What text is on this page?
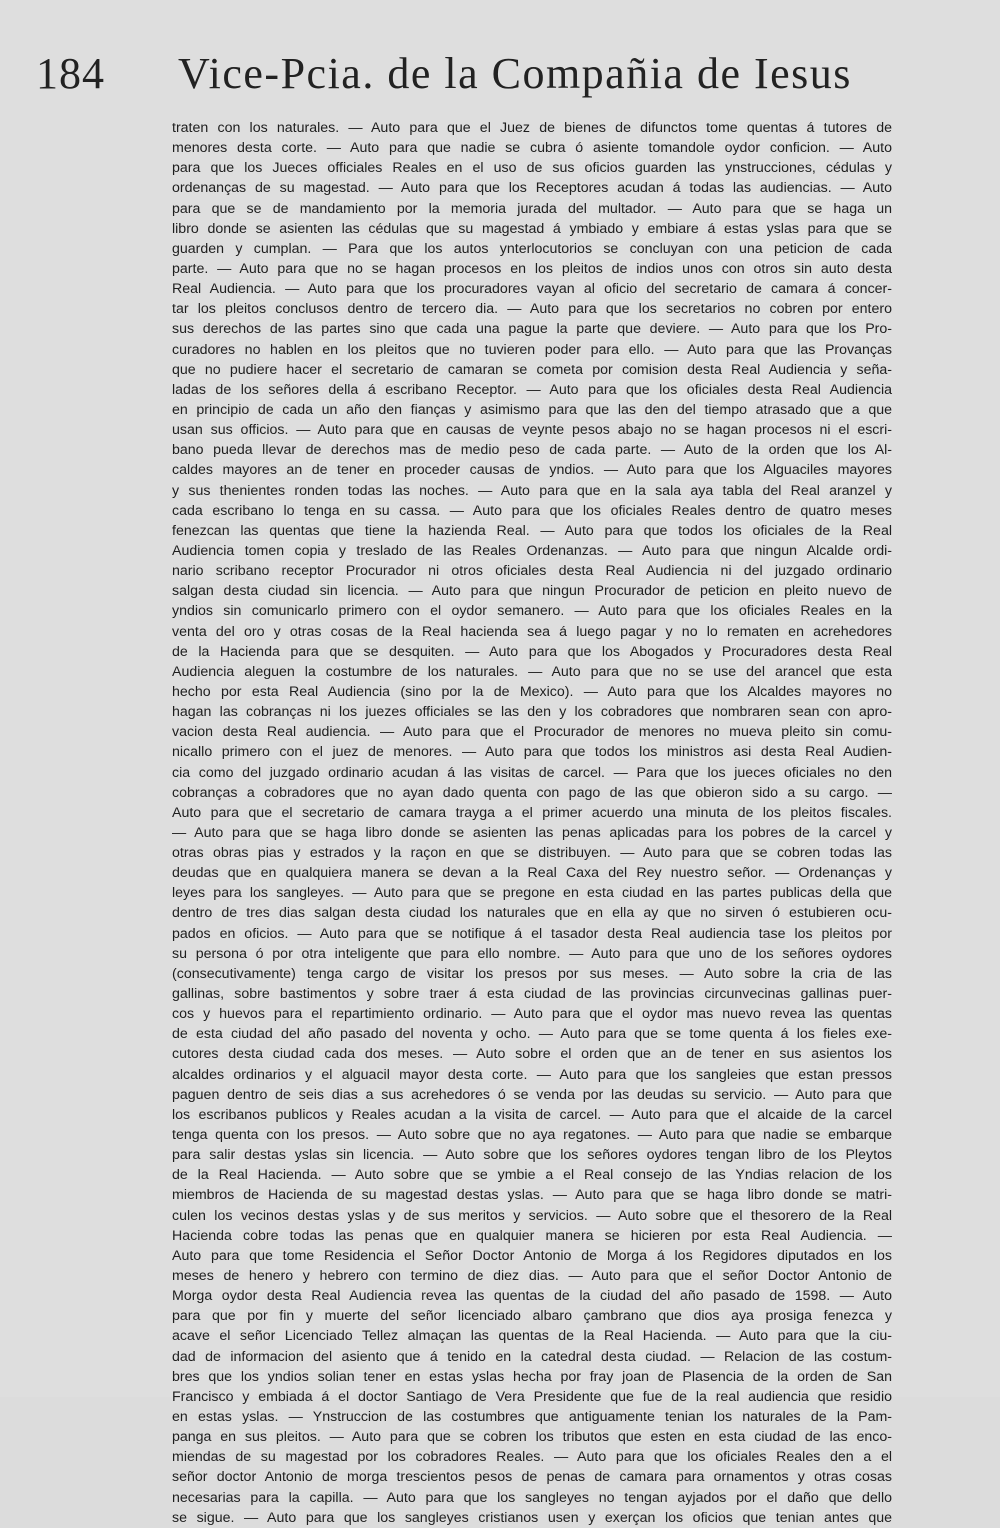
184 Vice-Pcia. de la Compañia de Iesus
traten con los naturales. — Auto para que el Juez de bienes de difunctos tome quentas á tutores de
menores desta corte. — Auto para que nadie se cubra ó asiente tomandole oydor conficion. — Auto
para que los Jueces officiales Reales en el uso de sus oficios guarden las ynstrucciones, cédulas y
ordenanças de su magestad. — Auto para que los Receptores acudan á todas las audiencias. — Auto
para que se de mandamiento por la memoria jurada del multador. — Auto para que se haga un
libro donde se asienten las cédulas que su magestad á ymbiado y embiare á estas yslas para que se
guarden y cumplan. — Para que los autos ynterlocutorios se concluyan con una peticion de cada
parte. — Auto para que no se hagan procesos en los pleitos de indios unos con otros sin auto desta
Real Audiencia. — Auto para que los procuradores vayan al oficio del secretario de camara á concer-
tar los pleitos conclusos dentro de tercero dia. — Auto para que los secretarios no cobren por entero
sus derechos de las partes sino que cada una pague la parte que deviere. — Auto para que los Pro-
curadores no hablen en los pleitos que no tuvieren poder para ello. — Auto para que las Provanças
que no pudiere hacer el secretario de camaran se cometa por comision desta Real Audiencia y seña-
ladas de los señores della á escribano Receptor. — Auto para que los oficiales desta Real Audiencia
en principio de cada un año den fianças y asimismo para que las den del tiempo atrasado que a que
usan sus officios. — Auto para que en causas de veynte pesos abajo no se hagan procesos ni el escri-
bano pueda llevar de derechos mas de medio peso de cada parte. — Auto de la orden que los Al-
caldes mayores an de tener en proceder causas de yndios. — Auto para que los Alguaciles mayores
y sus thenientes ronden todas las noches. — Auto para que en la sala aya tabla del Real aranzel y
cada escribano lo tenga en su cassa. — Auto para que los oficiales Reales dentro de quatro meses
fenezcan las quentas que tiene la hazienda Real. — Auto para que todos los oficiales de la Real
Audiencia tomen copia y treslado de las Reales Ordenanzas. — Auto para que ningun Alcalde ordi-
nario scribano receptor Procurador ni otros oficiales desta Real Audiencia ni del juzgado ordinario
salgan desta ciudad sin licencia. — Auto para que ningun Procurador de peticion en pleito nuevo de
yndios sin comunicarlo primero con el oydor semanero. — Auto para que los oficiales Reales en la
venta del oro y otras cosas de la Real hacienda sea á luego pagar y no lo rematen en acrehedores
de la Hacienda para que se desquiten. — Auto para que los Abogados y Procuradores desta Real
Audiencia aleguen la costumbre de los naturales. — Auto para que no se use del arancel que esta
hecho por esta Real Audiencia (sino por la de Mexico). — Auto para que los Alcaldes mayores no
hagan las cobranças ni los juezes officiales se las den y los cobradores que nombraren sean con apro-
vacion desta Real audiencia. — Auto para que el Procurador de menores no mueva pleito sin comu-
nicallo primero con el juez de menores. — Auto para que todos los ministros asi desta Real Audien-
cia como del juzgado ordinario acudan á las visitas de carcel. — Para que los jueces oficiales no den
cobranças a cobradores que no ayan dado quenta con pago de las que obieron sido a su cargo. —
Auto para que el secretario de camara trayga a el primer acuerdo una minuta de los pleitos fiscales.
— Auto para que se haga libro donde se asienten las penas aplicadas para los pobres de la carcel y
otras obras pias y estrados y la raçon en que se distribuyen. — Auto para que se cobren todas las
deudas que en qualquiera manera se devan a la Real Caxa del Rey nuestro señor. — Ordenanças y
leyes para los sangleyes. — Auto para que se pregone en esta ciudad en las partes publicas della que
dentro de tres dias salgan desta ciudad los naturales que en ella ay que no sirven ó estubieren ocu-
pados en oficios. — Auto para que se notifique á el tasador desta Real audiencia tase los pleitos por
su persona ó por otra inteligente que para ello nombre. — Auto para que uno de los señores oydores
(consecutivamente) tenga cargo de visitar los presos por sus meses. — Auto sobre la cria de las
gallinas, sobre bastimentos y sobre traer á esta ciudad de las provincias circunvecinas gallinas puer-
cos y huevos para el repartimiento ordinario. — Auto para que el oydor mas nuevo revea las quentas
de esta ciudad del año pasado del noventa y ocho. — Auto para que se tome quenta á los fieles exe-
cutores desta ciudad cada dos meses. — Auto sobre el orden que an de tener en sus asientos los
alcaldes ordinarios y el alguacil mayor desta corte. — Auto para que los sangleies que estan pressos
paguen dentro de seis dias a sus acrehedores ó se venda por las deudas su servicio. — Auto para que
los escribanos publicos y Reales acudan a la visita de carcel. — Auto para que el alcaide de la carcel
tenga quenta con los presos. — Auto sobre que no aya regatones. — Auto para que nadie se embarque
para salir destas yslas sin licencia. — Auto sobre que los señores oydores tengan libro de los Pleytos
de la Real Hacienda. — Auto sobre que se ymbie a el Real consejo de las Yndias relacion de los
miembros de Hacienda de su magestad destas yslas. — Auto para que se haga libro donde se matri-
culen los vecinos destas yslas y de sus meritos y servicios. — Auto sobre que el thesorero de la Real
Hacienda cobre todas las penas que en qualquier manera se hicieren por esta Real Audiencia. —
Auto para que tome Residencia el Señor Doctor Antonio de Morga á los Regidores diputados en los
meses de henero y hebrero con termino de diez dias. — Auto para que el señor Doctor Antonio de
Morga oydor desta Real Audiencia revea las quentas de la ciudad del año pasado de 1598. — Auto
para que por fin y muerte del señor licenciado albaro çambrano que dios aya prosiga fenezca y
acave el señor Licenciado Tellez almaçan las quentas de la Real Hacienda. — Auto para que la ciu-
dad de informacion del asiento que á tenido en la catedral desta ciudad. — Relacion de las costum-
bres que los yndios solian tener en estas yslas hecha por fray joan de Plasencia de la orden de San
Francisco y embiada á el doctor Santiago de Vera Presidente que fue de la real audiencia que residio
en estas yslas. — Ynstruccion de las costumbres que antiguamente tenian los naturales de la Pam-
panga en sus pleitos. — Auto para que se cobren los tributos que esten en esta ciudad de las enco-
miendas de su magestad por los cobradores Reales. — Auto para que los oficiales Reales den a el
señor doctor Antonio de morga trescientos pesos de penas de camara para ornamentos y otras cosas
necesarias para la capilla. — Auto para que los sangleyes no tengan ayjados por el daño que dello
se sigue. — Auto para que los sangleyes cristianos usen y exerçan los oficios que tenian antes que
